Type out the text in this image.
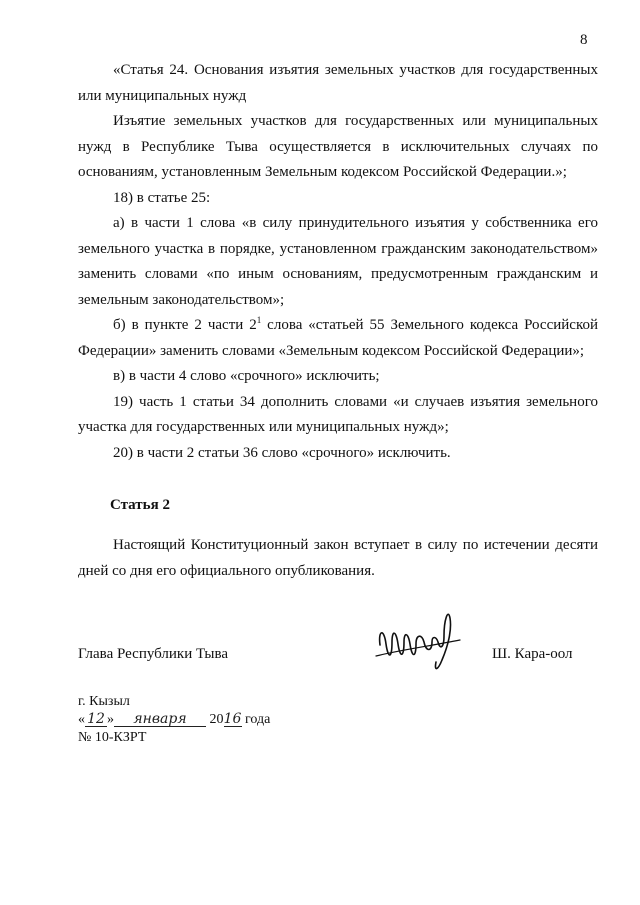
8

«Статья 24. Основания изъятия земельных участков для государственных или муниципальных нужд

Изъятие земельных участков для государственных или муниципальных нужд в Республике Тыва осуществляется в исключительных случаях по основаниям, установленным Земельным кодексом Российской Федерации.»;

18) в статье 25:

а) в части 1 слова «в силу принудительного изъятия у собственника его земельного участка в порядке, установленном гражданским законодательством» заменить словами «по иным основаниям, предусмотренным гражданским и земельным законодательством»;

б) в пункте 2 части $2^1$ слова «статьей 55 Земельного кодекса Российской Федерации» заменить словами «Земельным кодексом Российской Федерации»;

в) в части 4 слово «срочного» исключить;

19) часть 1 статьи 34 дополнить словами «и случаев изъятия земельного участка для государственных или муниципальных нужд»;

20) в части 2 статьи 36 слово «срочного» исключить.

Статья 2

Настоящий Конституционный закон вступает в силу по истечении десяти дней со дня его официального опубликования.

Глава Республики Тыва	Ш. Кара-оол
г. Кызыл
« 12 » января 2016 года
№ 10-КЗРТ
